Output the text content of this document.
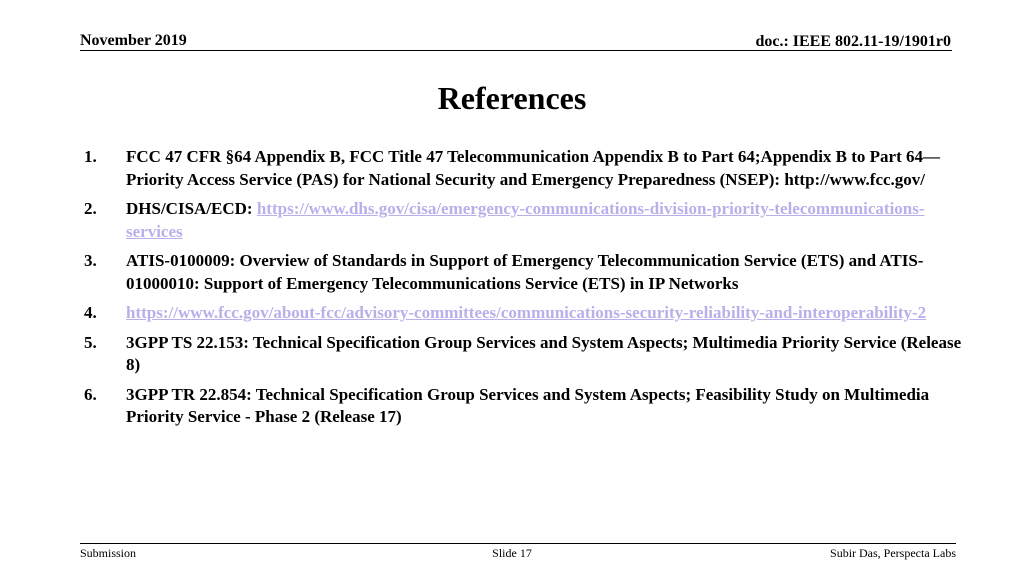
November 2019	doc.: IEEE 802.11-19/1901r0
References
1.	FCC 47 CFR §64 Appendix B, FCC Title 47 Telecommunication Appendix B to Part 64;Appendix B to Part 64—Priority Access Service (PAS) for National Security and Emergency Preparedness (NSEP): http://www.fcc.gov/
2.	DHS/CISA/ECD: https://www.dhs.gov/cisa/emergency-communications-division-priority-telecommunications-services
3.	ATIS-0100009: Overview of Standards in Support of Emergency Telecommunication Service (ETS) and ATIS-01000010: Support of Emergency Telecommunications Service (ETS) in IP Networks
4.	https://www.fcc.gov/about-fcc/advisory-committees/communications-security-reliability-and-interoperability-2
5.	3GPP TS 22.153: Technical Specification Group Services and System Aspects; Multimedia Priority Service (Release 8)
6.	3GPP TR 22.854: Technical Specification Group Services and System Aspects; Feasibility Study on Multimedia Priority Service - Phase 2 (Release 17)
Submission	Slide 17	Subir Das, Perspecta Labs
